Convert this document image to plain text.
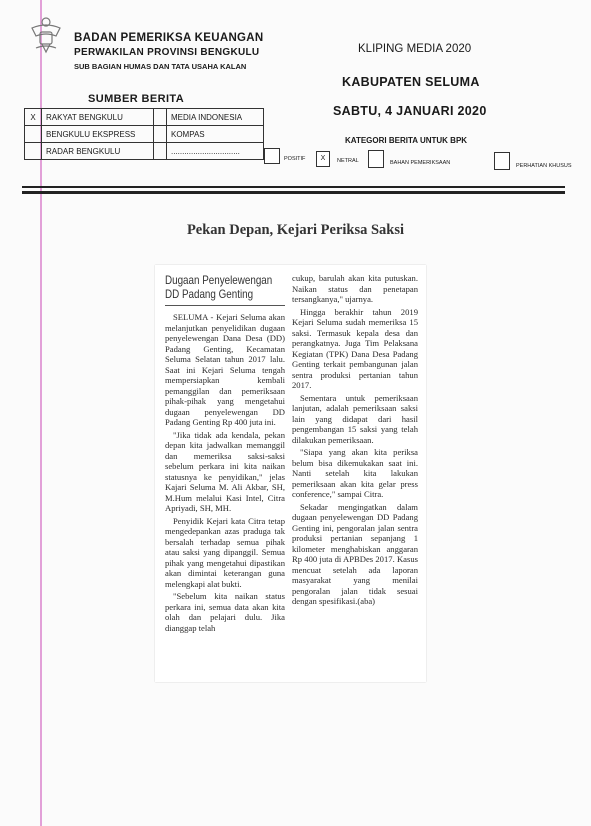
BADAN PEMERIKSA KEUANGAN
PERWAKILAN PROVINSI BENGKULU
SUB BAGIAN HUMAS DAN TATA USAHA KALAN
KLIPING MEDIA 2020
KABUPATEN SELUMA
SABTU, 4 JANUARI 2020
SUMBER BERITA
X	RAKYAT BENGKULU		MEDIA INDONESIA
	BENGKULU EKSPRESS		KOMPAS
	RADAR BENGKULU		...............................
KATEGORI BERITA UNTUK BPK
POSITIF	X	NETRAL	BAHAN PEMERIKSAAN	PERHATIAN KHUSUS
Pekan Depan, Kejari Periksa Saksi
Dugaan Penyelewengan
DD Padang Genting

SELUMA - Kejari Seluma akan melanjutkan penyelidikan dugaan penyelewengan Dana Desa (DD) Padang Genting, Kecamatan Seluma Selatan tahun 2017 lalu. Saat ini Kejari Seluma tengah mempersiapkan kembali pemanggilan dan pemeriksaan pihak-pihak yang mengetahui dugaan penyelewengan DD Padang Genting Rp 400 juta ini.

"Jika tidak ada kendala, pekan depan kita jadwalkan memanggil dan memeriksa saksi-saksi sebelum perkara ini kita naikan statusnya ke penyidikan," jelas Kajari Seluma M. Ali Akbar, SH, M.Hum melalui Kasi Intel, Citra Apriyadi, SH, MH.

Penyidik Kejari kata Citra tetap mengedepankan azas praduga tak bersalah terhadap semua pihak atau saksi yang dipanggil. Semua pihak yang mengetahui dipastikan akan dimintai keterangan guna melengkapi alat bukti.

"Sebelum kita naikan status perkara ini, semua data akan kita olah dan pelajari dulu. Jika dianggap telah

cukup, barulah akan kita putuskan. Naikan status dan penetapan tersangkanya," ujarnya.

Hingga berakhir tahun 2019 Kejari Seluma sudah memeriksa 15 saksi. Termasuk kepala desa dan perangkatnya. Juga Tim Pelaksana Kegiatan (TPK) Dana Desa Padang Genting terkait pembangunan jalan sentra produksi pertanian tahun 2017.

Sementara untuk pemeriksaan lanjutan, adalah pemeriksaan saksi lain yang didapat dari hasil pengembangan 15 saksi yang telah dilakukan pemeriksaan.

"Siapa yang akan kita periksa belum bisa dikemukakan saat ini. Nanti setelah kita lakukan pemeriksaan akan kita gelar press conference," sampai Citra.

Sekadar mengingatkan dalam dugaan penyelewengan DD Padang Genting ini, pengoralan jalan sentra produksi pertanian sepanjang 1 kilometer menghabiskan anggaran Rp 400 juta di APBDes 2017. Kasus mencuat setelah ada laporan masyarakat yang menilai pengoralan jalan tidak sesuai dengan spesifikasi.(aba)
